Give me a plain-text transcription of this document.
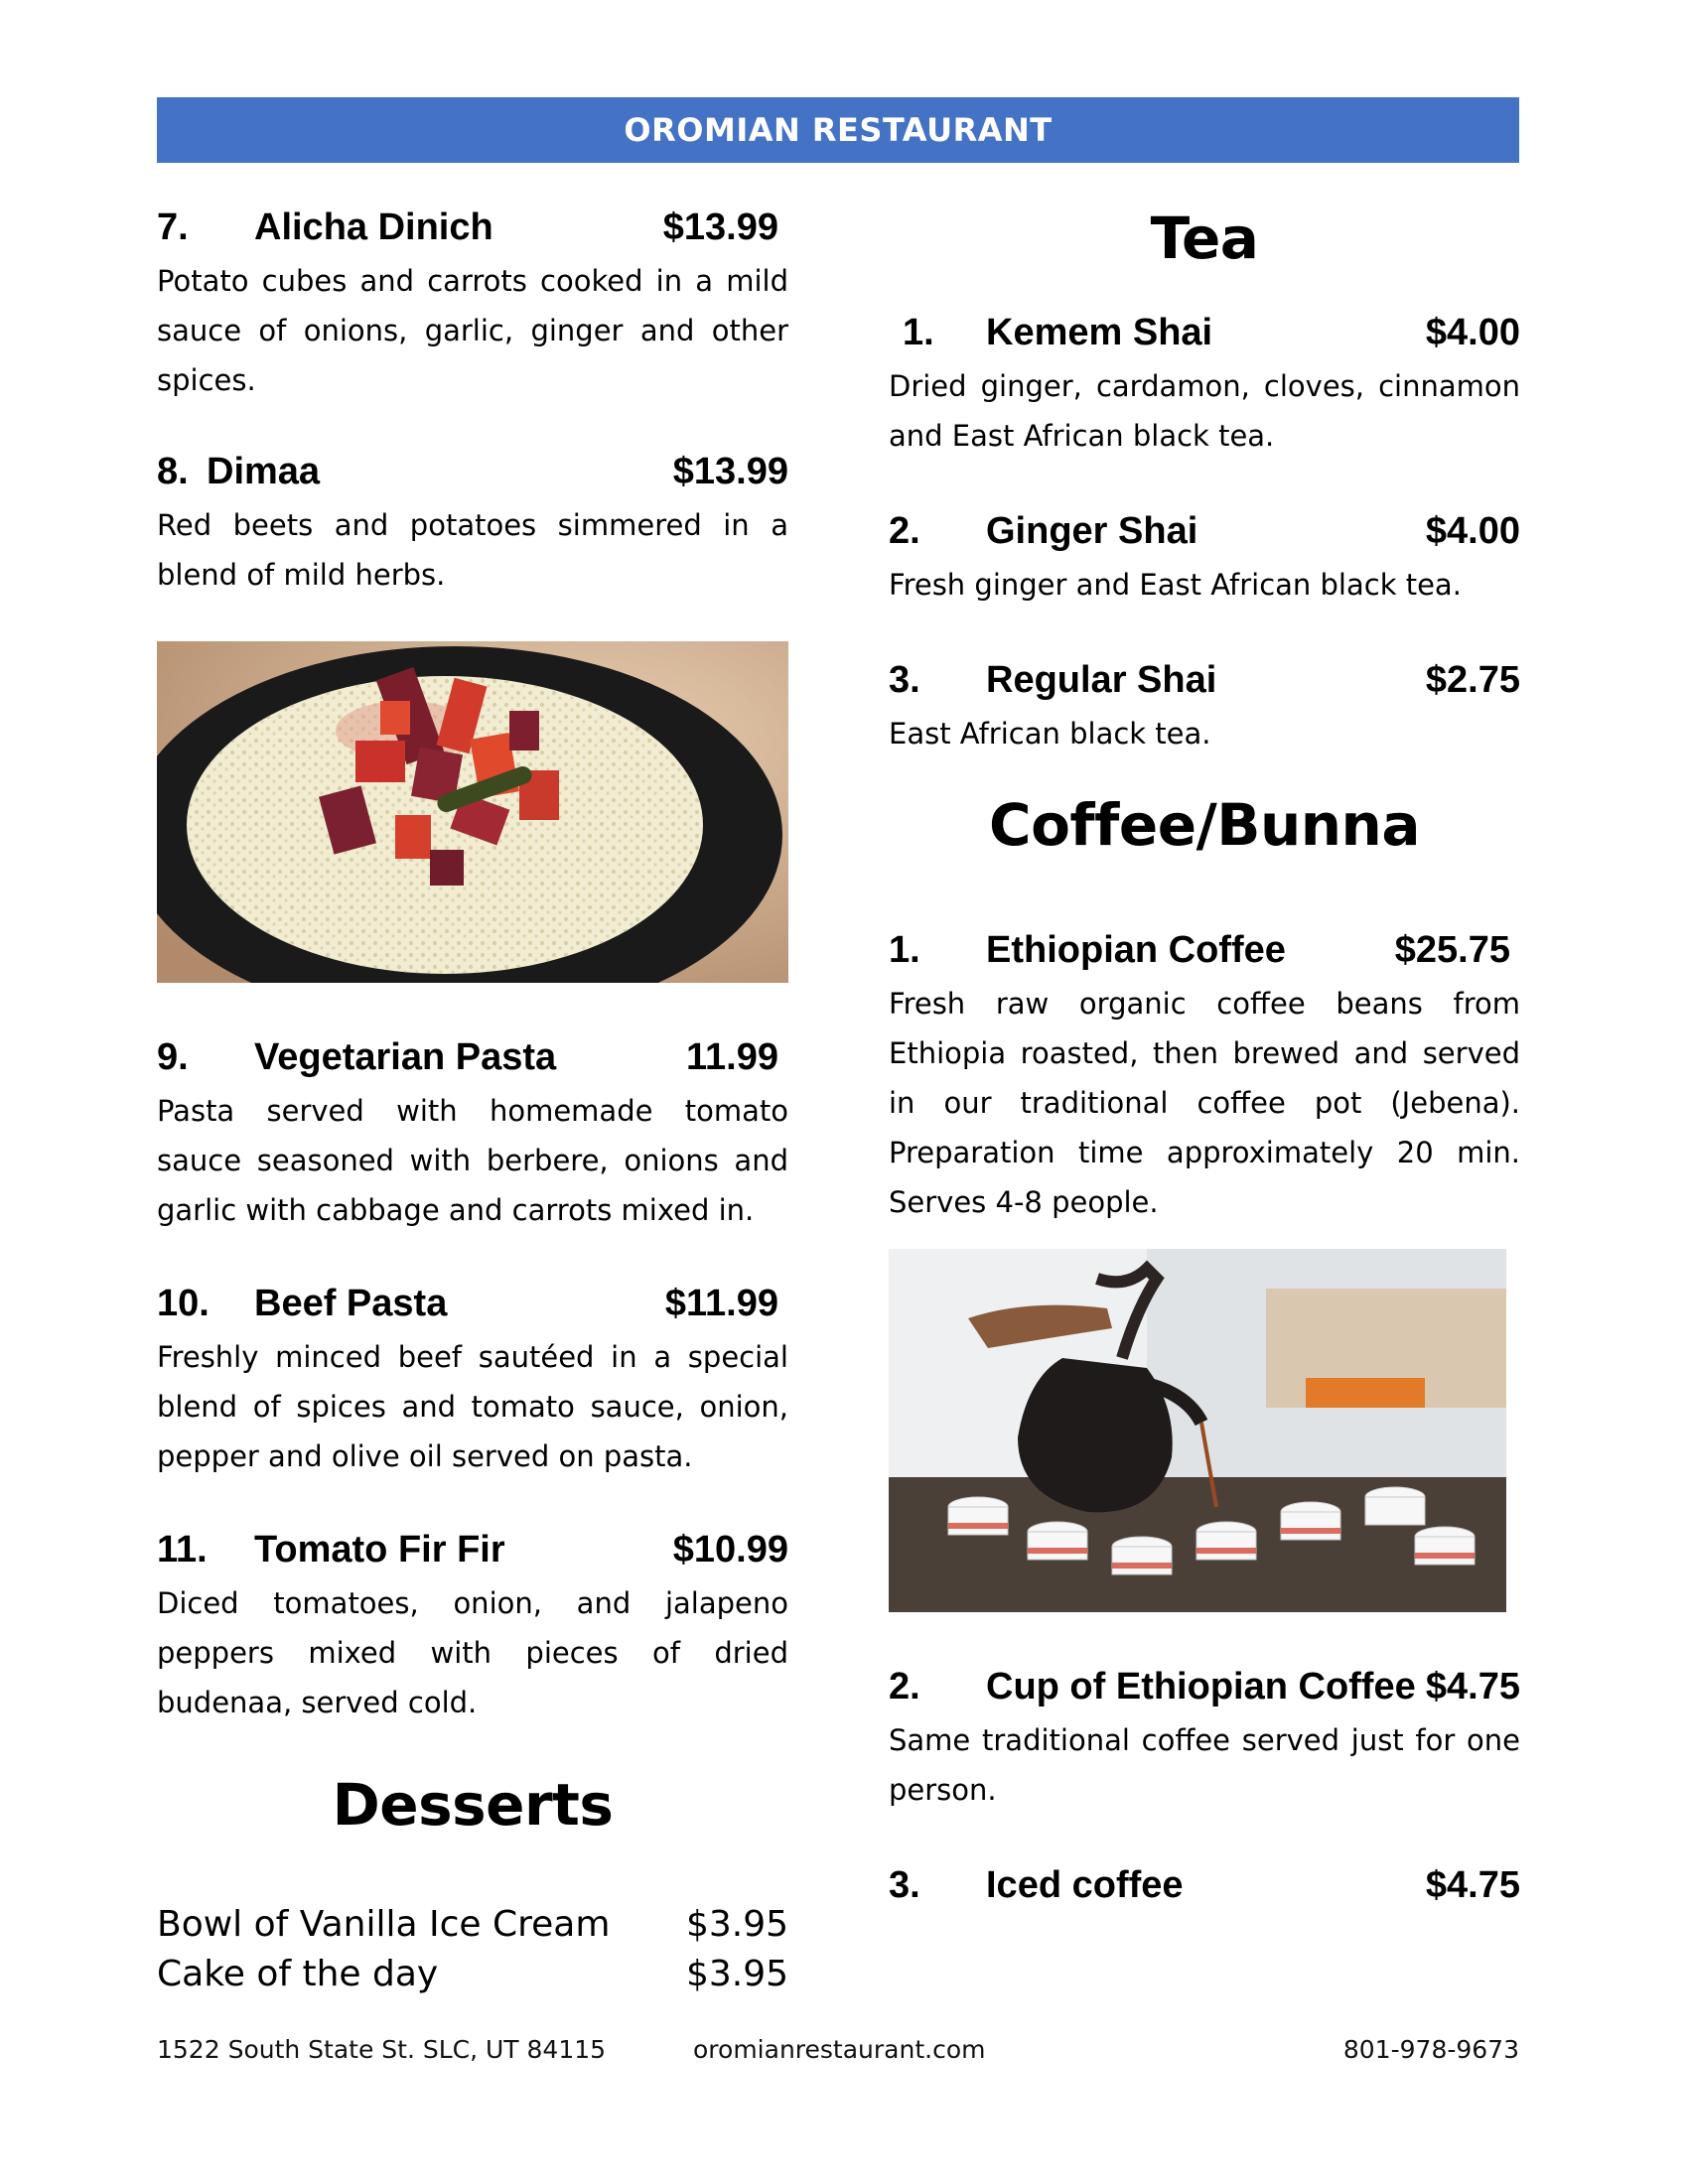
OROMIAN RESTAURANT
7.	Alicha Dinich	$13.99

Potato cubes and carrots cooked in a mild sauce of onions, garlic, ginger and other spices.

8. Dimaa	$13.99

Red beets and potatoes simmered in a blend of mild herbs.

9.	Vegetarian Pasta	11.99

Pasta served with homemade tomato sauce seasoned with berbere, onions and garlic with cabbage and carrots mixed in.

10.	Beef Pasta	$11.99

Freshly minced beef sautéed in a special blend of spices and tomato sauce, onion, pepper and olive oil served on pasta.

11.	Tomato Fir Fir	$10.99

Diced tomatoes, onion, and jalapeno peppers mixed with pieces of dried budenaa, served cold.

Desserts
Bowl of Vanilla Ice Cream $3.95
Cake of the day	$3.95
Tea
1.	Kemem Shai	$4.00

Dried ginger, cardamon, cloves, cinnamon and East African black tea.

2.	Ginger Shai	$4.00

Fresh ginger and East African black tea.

3.	Regular Shai	$2.75

East African black tea.

Coffee/Bunna
1.	Ethiopian Coffee	$25.75

Fresh raw organic coffee beans from Ethiopia roasted, then brewed and served in our traditional coffee pot (Jebena). Preparation time approximately 20 min. Serves 4-8 people.

2.	Cup of Ethiopian Coffee $4.75

Same traditional coffee served just for one person.

3.	Iced coffee	$4.75
1522 South State St. SLC, UT 84115	oromianrestaurant.com	801-978-9673
